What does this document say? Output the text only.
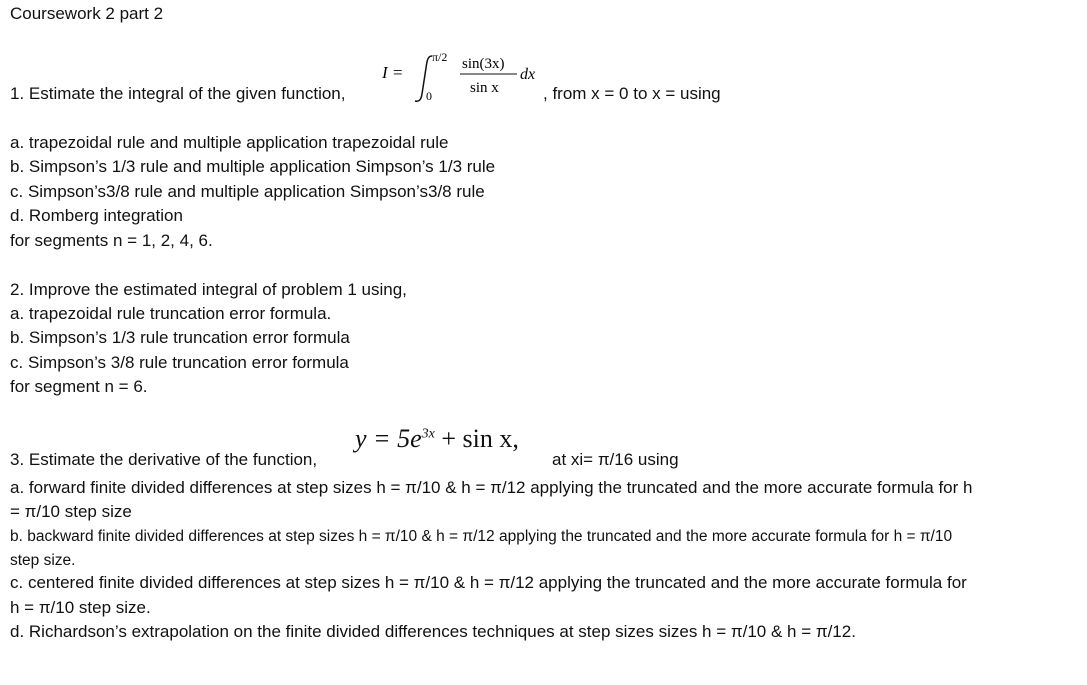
Coursework 2 part 2
1. Estimate the integral of the given function,
I =
π/2
0
sin(3x)
sin x
dx
, from x = 0 to x = using
a. trapezoidal rule and multiple application trapezoidal rule
b. Simpson’s 1/3 rule and multiple application Simpson’s 1/3 rule
c. Simpson’s3/8 rule and multiple application Simpson’s3/8 rule
d. Romberg integration
for segments n = 1, 2, 4, 6.
2. Improve the estimated integral of problem 1 using,
a. trapezoidal rule truncation error formula.
b. Simpson’s 1/3 rule truncation error formula
c. Simpson’s 3/8 rule truncation error formula
for segment n = 6.
3. Estimate the derivative of the function,
$y = 5e^{3x} + \sin x$,
at xi= π/16 using
a. forward finite divided differences at step sizes h = π/10 & h = π/12 applying the truncated and the more accurate formula for h
= π/10 step size
b. backward finite divided differences at step sizes h = π/10 & h = π/12 applying the truncated and the more accurate formula for h = π/10
step size.
c. centered finite divided differences at step sizes h = π/10 & h = π/12 applying the truncated and the more accurate formula for
h = π/10 step size.
d. Richardson’s extrapolation on the finite divided differences techniques at step sizes sizes h = π/10 & h = π/12.
